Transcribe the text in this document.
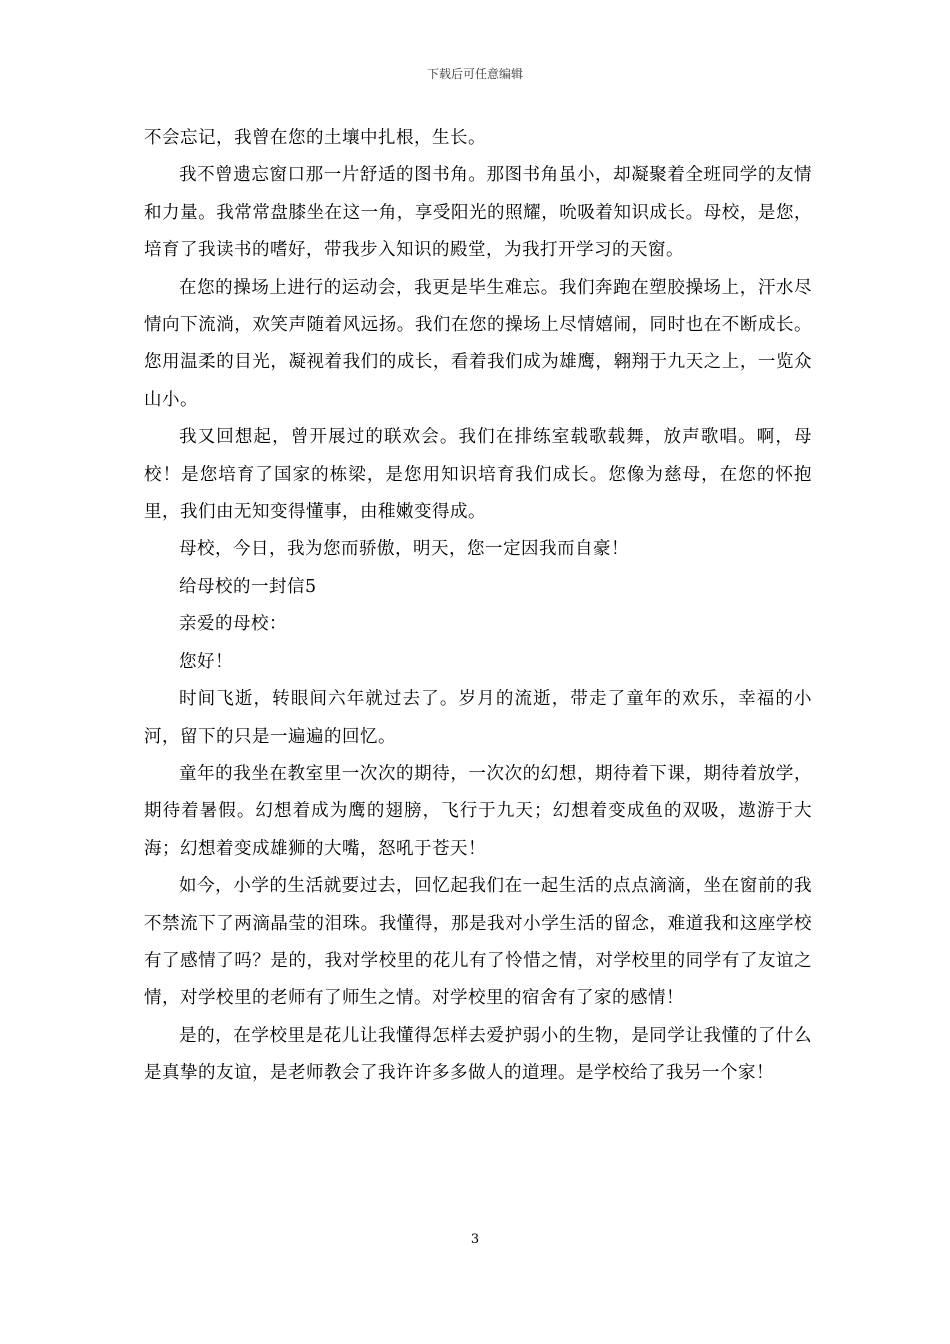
下载后可任意编辑

不会忘记，我曾在您的土壤中扎根，生长。

我不曾遗忘窗口那一片舒适的图书角。那图书角虽小，却凝聚着全班同学的友情和力量。我常常盘膝坐在这一角，享受阳光的照耀，吮吸着知识成长。母校，是您，培育了我读书的嗜好，带我步入知识的殿堂，为我打开学习的天窗。

在您的操场上进行的运动会，我更是毕生难忘。我们奔跑在塑胶操场上，汗水尽情向下流淌，欢笑声随着风远扬。我们在您的操场上尽情嬉闹，同时也在不断成长。您用温柔的目光，凝视着我们的成长，看着我们成为雄鹰，翱翔于九天之上，一览众山小。

我又回想起，曾开展过的联欢会。我们在排练室载歌载舞，放声歌唱。啊，母校！是您培育了国家的栋梁，是您用知识培育我们成长。您像为慈母，在您的怀抱里，我们由无知变得懂事，由稚嫩变得成。

母校，今日，我为您而骄傲，明天，您一定因我而自豪！

给母校的一封信5

亲爱的母校：

您好！

时间飞逝，转眼间六年就过去了。岁月的流逝，带走了童年的欢乐，幸福的小河，留下的只是一遍遍的回忆。

童年的我坐在教室里一次次的期待，一次次的幻想，期待着下课，期待着放学，期待着暑假。幻想着成为鹰的翅膀，飞行于九天；幻想着变成鱼的双吸，遨游于大海；幻想着变成雄狮的大嘴，怒吼于苍天！

如今，小学的生活就要过去，回忆起我们在一起生活的点点滴滴，坐在窗前的我不禁流下了两滴晶莹的泪珠。我懂得，那是我对小学生活的留念，难道我和这座学校有了感情了吗？是的，我对学校里的花儿有了怜惜之情，对学校里的同学有了友谊之情，对学校里的老师有了师生之情。对学校里的宿舍有了家的感情！

是的，在学校里是花儿让我懂得怎样去爱护弱小的生物，是同学让我懂的了什么是真挚的友谊，是老师教会了我许许多多做人的道理。是学校给了我另一个家！

3
